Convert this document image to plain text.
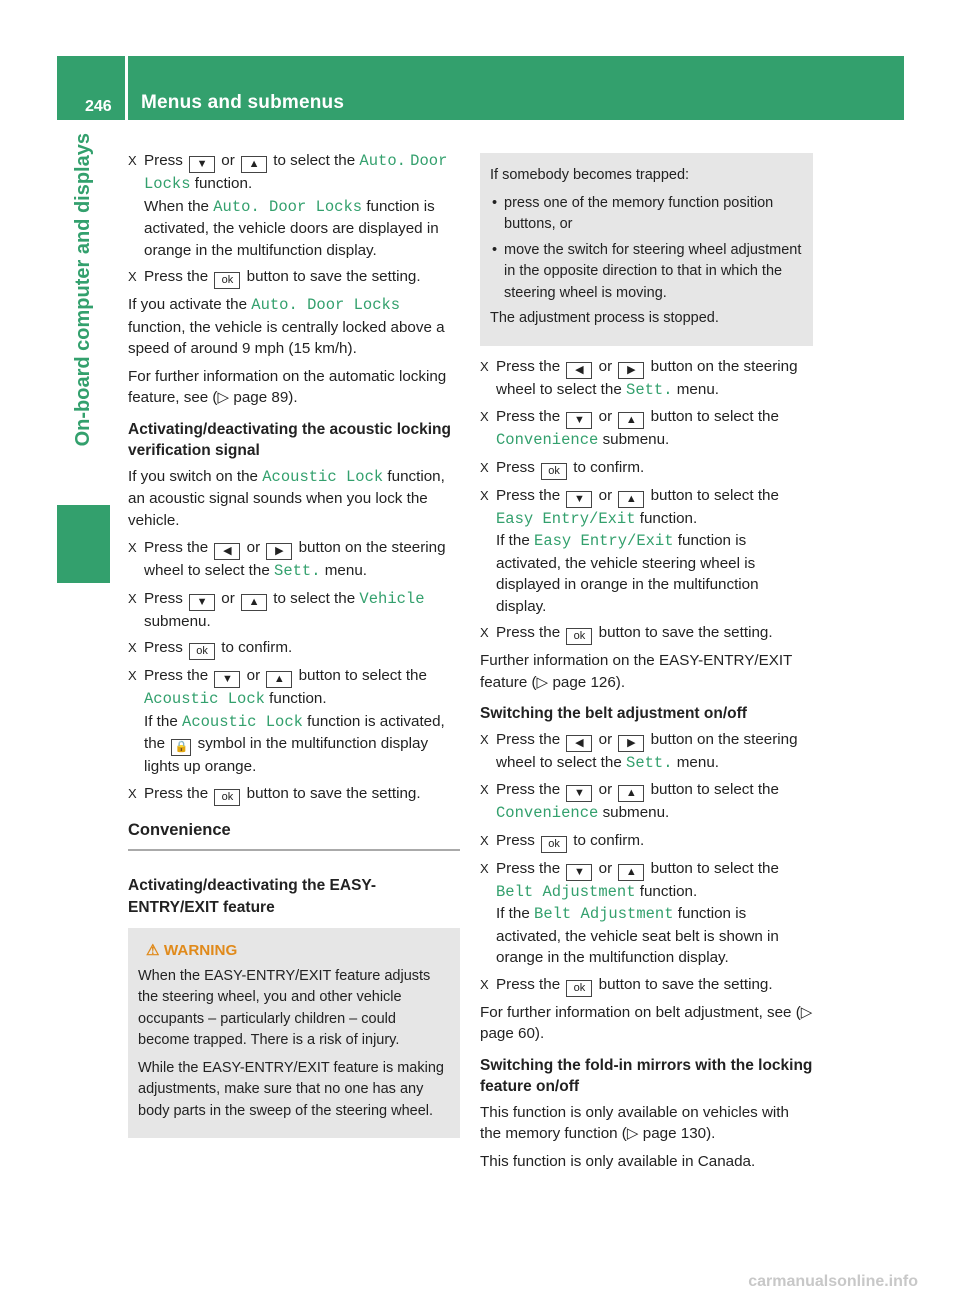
246	Menus and submenus
On-board computer and displays	X Press ▼ or ▲ to select the Auto. Door Locks function.
When the Auto. Door Locks function is activated, the vehicle doors are displayed in orange in the multifunction display.
X Press the ok button to save the setting.

If you activate the Auto. Door Locks function, the vehicle is centrally locked above a speed of around 9 mph (15 km/h).

For further information on the automatic locking feature, see (▷ page 89).

Activating/deactivating the acoustic locking verification signal

If you switch on the Acoustic Lock function, an acoustic signal sounds when you lock the vehicle.

X Press the ◀ or ▶ button on the steering wheel to select the Sett. menu.
X Press ▼ or ▲ to select the Vehicle submenu.
X Press ok to confirm.
X Press the ▼ or ▲ button to select the Acoustic Lock function.
If the Acoustic Lock function is activated, the 🔒 symbol in the multifunction display lights up orange.
X Press the ok button to save the setting.
Convenience
Activating/deactivating the EASY-ENTRY/EXIT feature
⚠ WARNING

When the EASY-ENTRY/EXIT feature adjusts the steering wheel, you and other vehicle occupants – particularly children – could become trapped. There is a risk of injury.

While the EASY-ENTRY/EXIT feature is making adjustments, make sure that no one has any body parts in the sweep of the steering wheel.

If somebody becomes trapped:

• press one of the memory function position buttons, or
• move the switch for steering wheel adjustment in the opposite direction to that in which the steering wheel is moving.

The adjustment process is stopped.

X Press the ◀ or ▶ button on the steering wheel to select the Sett. menu.
X Press the ▼ or ▲ button to select the Convenience submenu.
X Press ok to confirm.
X Press the ▼ or ▲ button to select the Easy Entry/Exit function.
If the Easy Entry/Exit function is activated, the vehicle steering wheel is displayed in orange in the multifunction display.
X Press the ok button to save the setting.

Further information on the EASY-ENTRY/EXIT feature (▷ page 126).

Switching the belt adjustment on/off
X Press the ◀ or ▶ button on the steering wheel to select the Sett. menu.
X Press the ▼ or ▲ button to select the Convenience submenu.
X Press ok to confirm.
X Press the ▼ or ▲ button to select the Belt Adjustment function.
If the Belt Adjustment function is activated, the vehicle seat belt is shown in orange in the multifunction display.
X Press the ok button to save the setting.

For further information on belt adjustment, see (▷ page 60).

Switching the fold-in mirrors with the locking feature on/off

This function is only available on vehicles with the memory function (▷ page 130).

This function is only available in Canada.

carmanualsonline.info
